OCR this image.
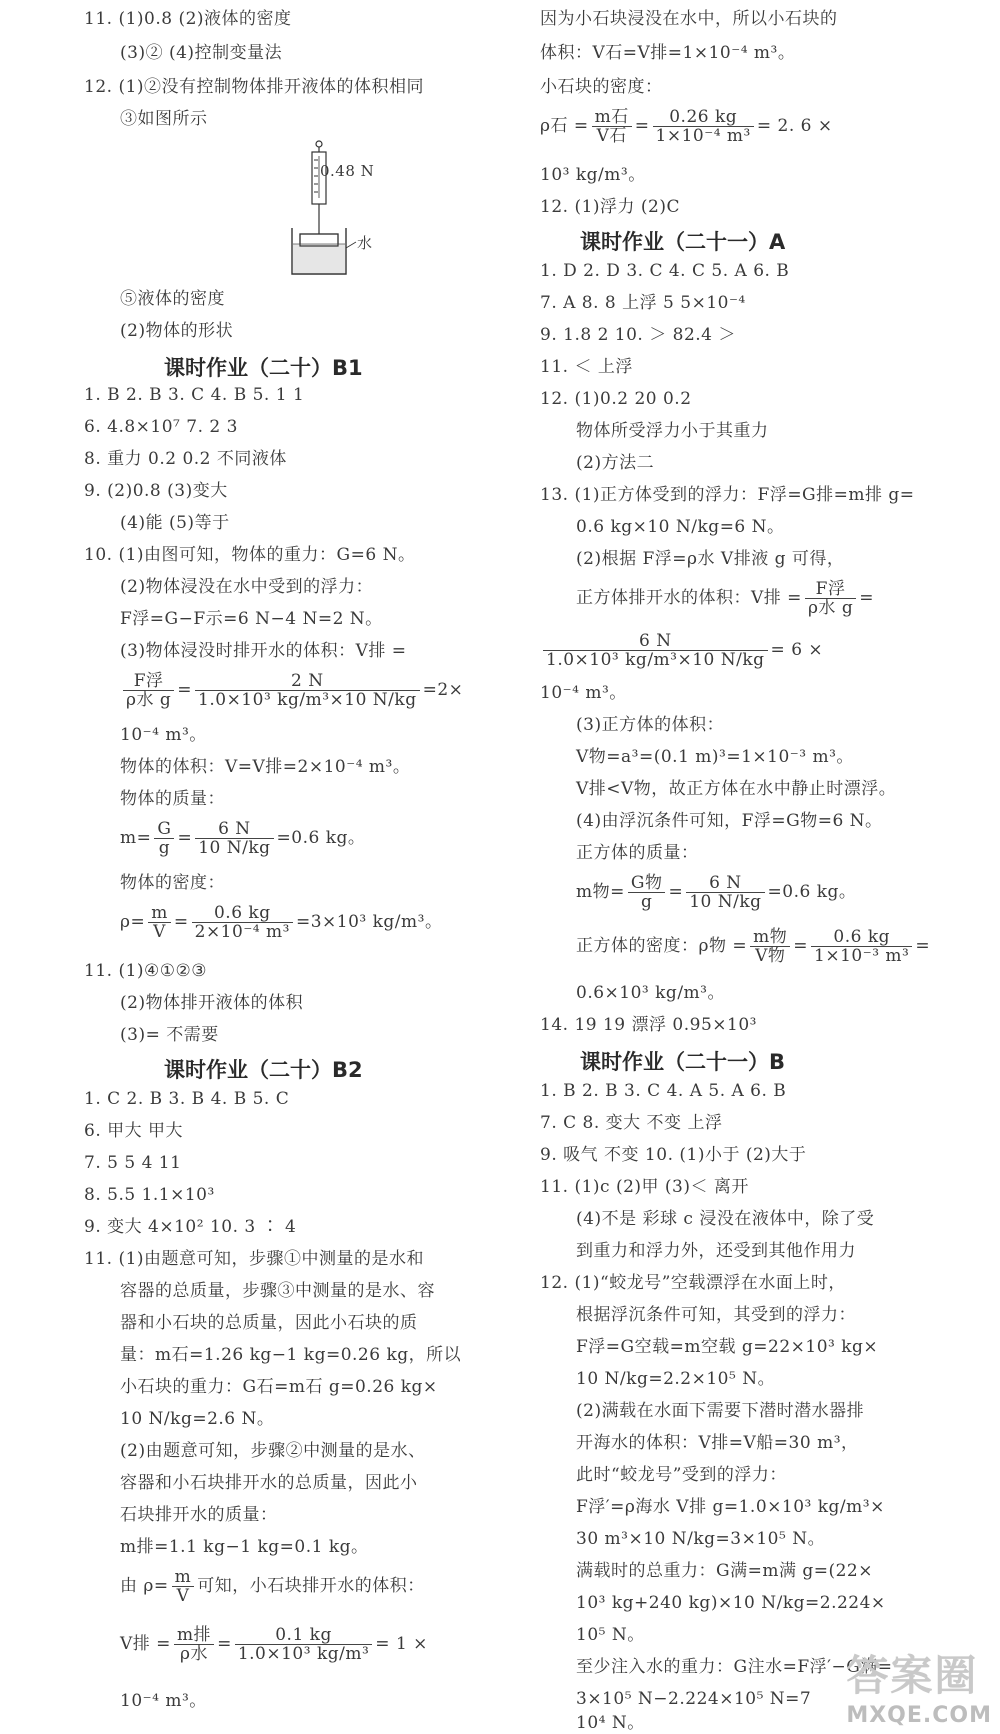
11. (1)0.8 (2)液体的密度
(3)② (4)控制变量法
12. (1)②没有控制物体排开液体的体积相同
③如图所示
0.48 N
水
⑤液体的密度
(2)物体的形状
课时作业（二十）B1
1. B 2. B 3. C 4. B 5. 1 1
6. 4.8×10⁷ 7. 2 3
8. 重力 0.2 0.2 不同液体
9. (2)0.8 (3)变大
(4)能 (5)等于
10. (1)由图可知，物体的重力：G=6 N。
(2)物体浸没在水中受到的浮力：
F浮=G−F示=6 N−4 N=2 N。
(3)物体浸没时排开水的体积：V排 =
$\frac{\text{F浮}}{\text{ρ水 g}} = \frac{2 N}{\text{1.0×10³ kg/m³×10 N/kg}} =2\times$
10⁻⁴ m³。
物体的体积：V=V排=2×10⁻⁴ m³。
物体的质量：
$m= \frac{G}{g} = \frac{6 N}{10 N/kg} =0.6$ kg。
物体的密度：
$\rho= \frac{m}{V} = \frac{0.6 kg}{\text{2×10⁻⁴ m³}} =3\times 10^3$ kg/m³。
11. (1)④①②③
(2)物体排开液体的体积
(3)= 不需要
课时作业（二十）B2
1. C 2. B 3. B 4. B 5. C
6. 甲大 甲大
7. 5 5 4 11
8. 5.5 1.1×10³
9. 变大 4×10² 10. 3 ∶ 4
11. (1)由题意可知，步骤①中测量的是水和
容器的总质量，步骤③中测量的是水、容
器和小石块的总质量，因此小石块的质
量：m石=1.26 kg−1 kg=0.26 kg，所以
小石块的重力：G石=m石 g=0.26 kg×
10 N/kg=2.6 N。
(2)由题意可知，步骤②中测量的是水、
容器和小石块排开水的总质量，因此小
石块排开水的质量：
m排=1.1 kg−1 kg=0.1 kg。
由 $\rho= \frac{m}{V}$ 可知，小石块排开水的体积：
V排 = $\frac{\text{m排}}{\text{ρ水}} = \frac{0.1 kg}{\text{1.0×10³ kg/m³}} = 1$ ×
10⁻⁴ m³。
因为小石块浸没在水中，所以小石块的
体积：V石=V排=1×10⁻⁴ m³。
小石块的密度：
ρ石 = $\frac{\text{m石}}{\text{V石}} = \frac{0.26 kg}{\text{1×10⁻⁴ m³}} = 2$. 6 ×
10³ kg/m³。
12. (1)浮力 (2)C
课时作业（二十一）A
1. D 2. D 3. C 4. C 5. A 6. B
7. A 8. 8 上浮 5 5×10⁻⁴
9. 1.8 2 10. ＞ 82.4 ＞
11. ＜ 上浮
12. (1)0.2 20 0.2
物体所受浮力小于其重力
(2)方法二
13. (1)正方体受到的浮力：F浮=G排=m排 g=
0.6 kg×10 N/kg=6 N。
(2)根据 F浮=ρ水 V排液 g 可得，
正方体排开水的体积：V排 = $\frac{\text{F浮}}{\text{ρ水 g}}$ =
$\frac{6 N}{\text{1.0×10³ kg/m³×10 N/kg}} = 6$ ×
10⁻⁴ m³。
(3)正方体的体积：
V物=a³=(0.1 m)³=1×10⁻³ m³。
V排<V物，故正方体在水中静止时漂浮。
(4)由浮沉条件可知，F浮=G物=6 N。
正方体的质量：
m物= $\frac{\text{G物}}{g} = \frac{6 N}{10 N/kg} =0.6$ kg。
正方体的密度：ρ物 = $\frac{\text{m物}}{\text{V物}} = \frac{0.6 kg}{\text{1×10⁻³ m³}}$ =
0.6×10³ kg/m³。
14. 19 19 漂浮 0.95×10³
课时作业（二十一）B
1. B 2. B 3. C 4. A 5. A 6. B
7. C 8. 变大 不变 上浮
9. 吸气 不变 10. (1)小于 (2)大于
11. (1)c (2)甲 (3)＜ 离开
(4)不是 彩球 c 浸没在液体中，除了受
到重力和浮力外，还受到其他作用力
12. (1)“蛟龙号”空载漂浮在水面上时，
根据浮沉条件可知，其受到的浮力：
F浮=G空载=m空载 g=22×10³ kg×
10 N/kg=2.2×10⁵ N。
(2)满载在水面下需要下潜时潜水器排
开海水的体积：V排=V船=30 m³，
此时“蛟龙号”受到的浮力：
F浮′=ρ海水 V排 g=1.0×10³ kg/m³×
30 m³×10 N/kg=3×10⁵ N。
满载时的总重力：G满=m满 g=(22×
10³ kg+240 kg)×10 N/kg=2.224×
10⁵ N。
至少注入水的重力：G注水=F浮′−G满=
3×10⁵ N−2.224×10⁵ N=7
10⁴ N。
答案圈
MXQE.COM
